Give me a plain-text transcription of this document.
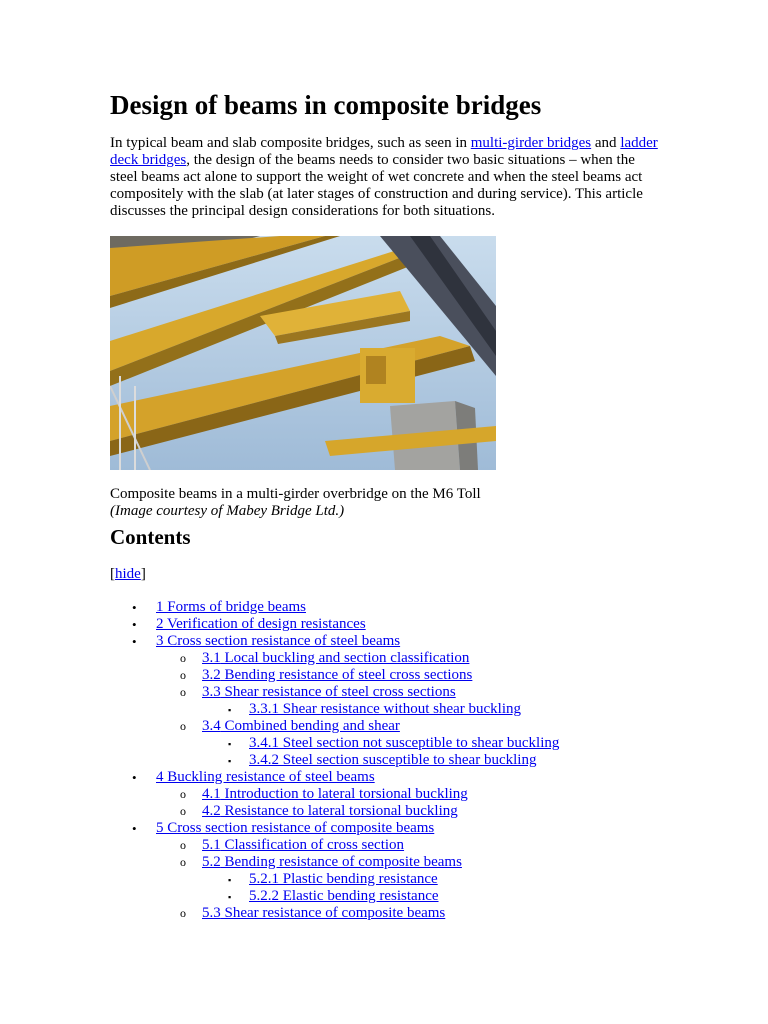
Design of beams in composite bridges
In typical beam and slab composite bridges, such as seen in multi-girder bridges and ladder deck bridges, the design of the beams needs to consider two basic situations – when the steel beams act alone to support the weight of wet concrete and when the steel beams act compositely with the slab (at later stages of construction and during service). This article discusses the principal design considerations for both situations.
Composite beams in a multi-girder overbridge on the M6 Toll
(Image courtesy of Mabey Bridge Ltd.)
Contents
[hide]
• 1 Forms of bridge beams
• 2 Verification of design resistances
• 3 Cross section resistance of steel beams
o 3.1 Local buckling and section classification
o 3.2 Bending resistance of steel cross sections
o 3.3 Shear resistance of steel cross sections
▪ 3.3.1 Shear resistance without shear buckling
o 3.4 Combined bending and shear
▪ 3.4.1 Steel section not susceptible to shear buckling
▪ 3.4.2 Steel section susceptible to shear buckling
• 4 Buckling resistance of steel beams
o 4.1 Introduction to lateral torsional buckling
o 4.2 Resistance to lateral torsional buckling
• 5 Cross section resistance of composite beams
o 5.1 Classification of cross section
o 5.2 Bending resistance of composite beams
▪ 5.2.1 Plastic bending resistance
▪ 5.2.2 Elastic bending resistance
o 5.3 Shear resistance of composite beams
